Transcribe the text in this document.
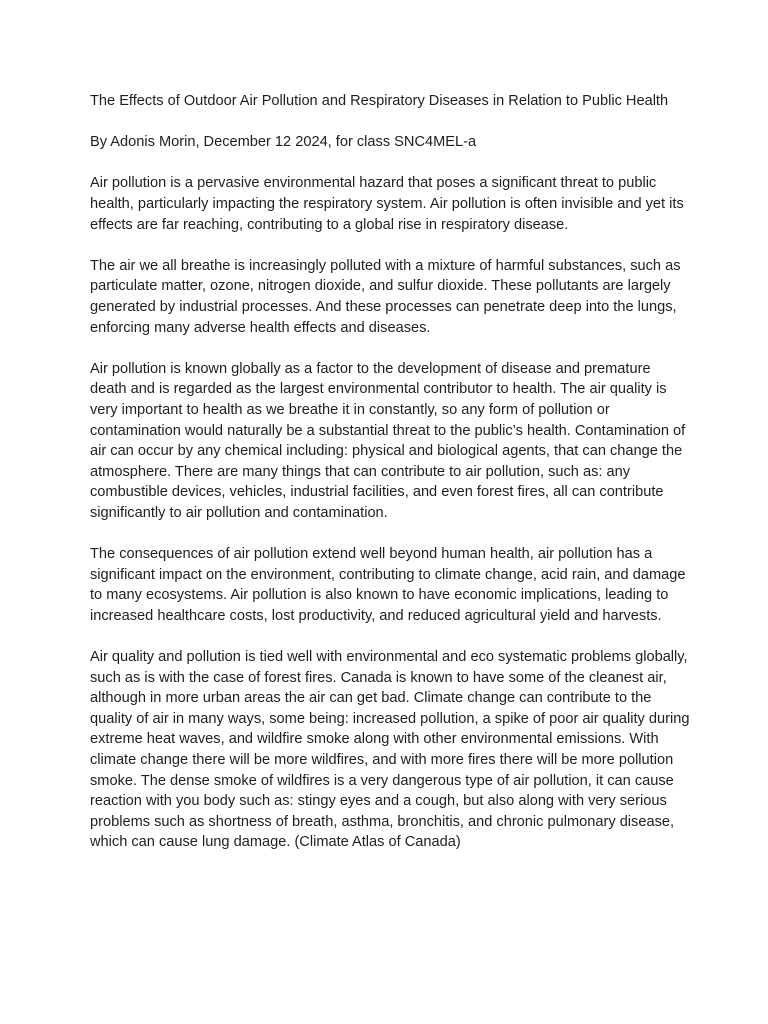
The Effects of Outdoor Air Pollution and Respiratory Diseases in Relation to Public Health

By Adonis Morin, December 12 2024, for class SNC4MEL-a

Air pollution is a pervasive environmental hazard that poses a significant threat to public health, particularly impacting the respiratory system. Air pollution is often invisible and yet its effects are far reaching, contributing to a global rise in respiratory disease.

The air we all breathe is increasingly polluted with a mixture of harmful substances, such as particulate matter, ozone, nitrogen dioxide, and sulfur dioxide. These pollutants are largely generated by industrial processes. And these processes can penetrate deep into the lungs, enforcing many adverse health effects and diseases.

Air pollution is known globally as a factor to the development of disease and premature death and is regarded as the largest environmental contributor to health. The air quality is very important to health as we breathe it in constantly, so any form of pollution or contamination would naturally be a substantial threat to the public’s health. Contamination of air can occur by any chemical including: physical and biological agents, that can change the atmosphere. There are many things that can contribute to air pollution, such as: any combustible devices, vehicles, industrial facilities, and even forest fires, all can contribute significantly to air pollution and contamination.

The consequences of air pollution extend well beyond human health, air pollution has a significant impact on the environment, contributing to climate change, acid rain, and damage to many ecosystems. Air pollution is also known to have economic implications, leading to increased healthcare costs, lost productivity, and reduced agricultural yield and harvests.

Air quality and pollution is tied well with environmental and eco systematic problems globally, such as is with the case of forest fires. Canada is known to have some of the cleanest air, although in more urban areas the air can get bad. Climate change can contribute to the quality of air in many ways, some being: increased pollution, a spike of poor air quality during extreme heat waves, and wildfire smoke along with other environmental emissions. With climate change there will be more wildfires, and with more fires there will be more pollution smoke. The dense smoke of wildfires is a very dangerous type of air pollution, it can cause reaction with you body such as: stingy eyes and a cough, but also along with very serious problems such as shortness of breath, asthma, bronchitis, and chronic pulmonary disease, which can cause lung damage. (Climate Atlas of Canada)
